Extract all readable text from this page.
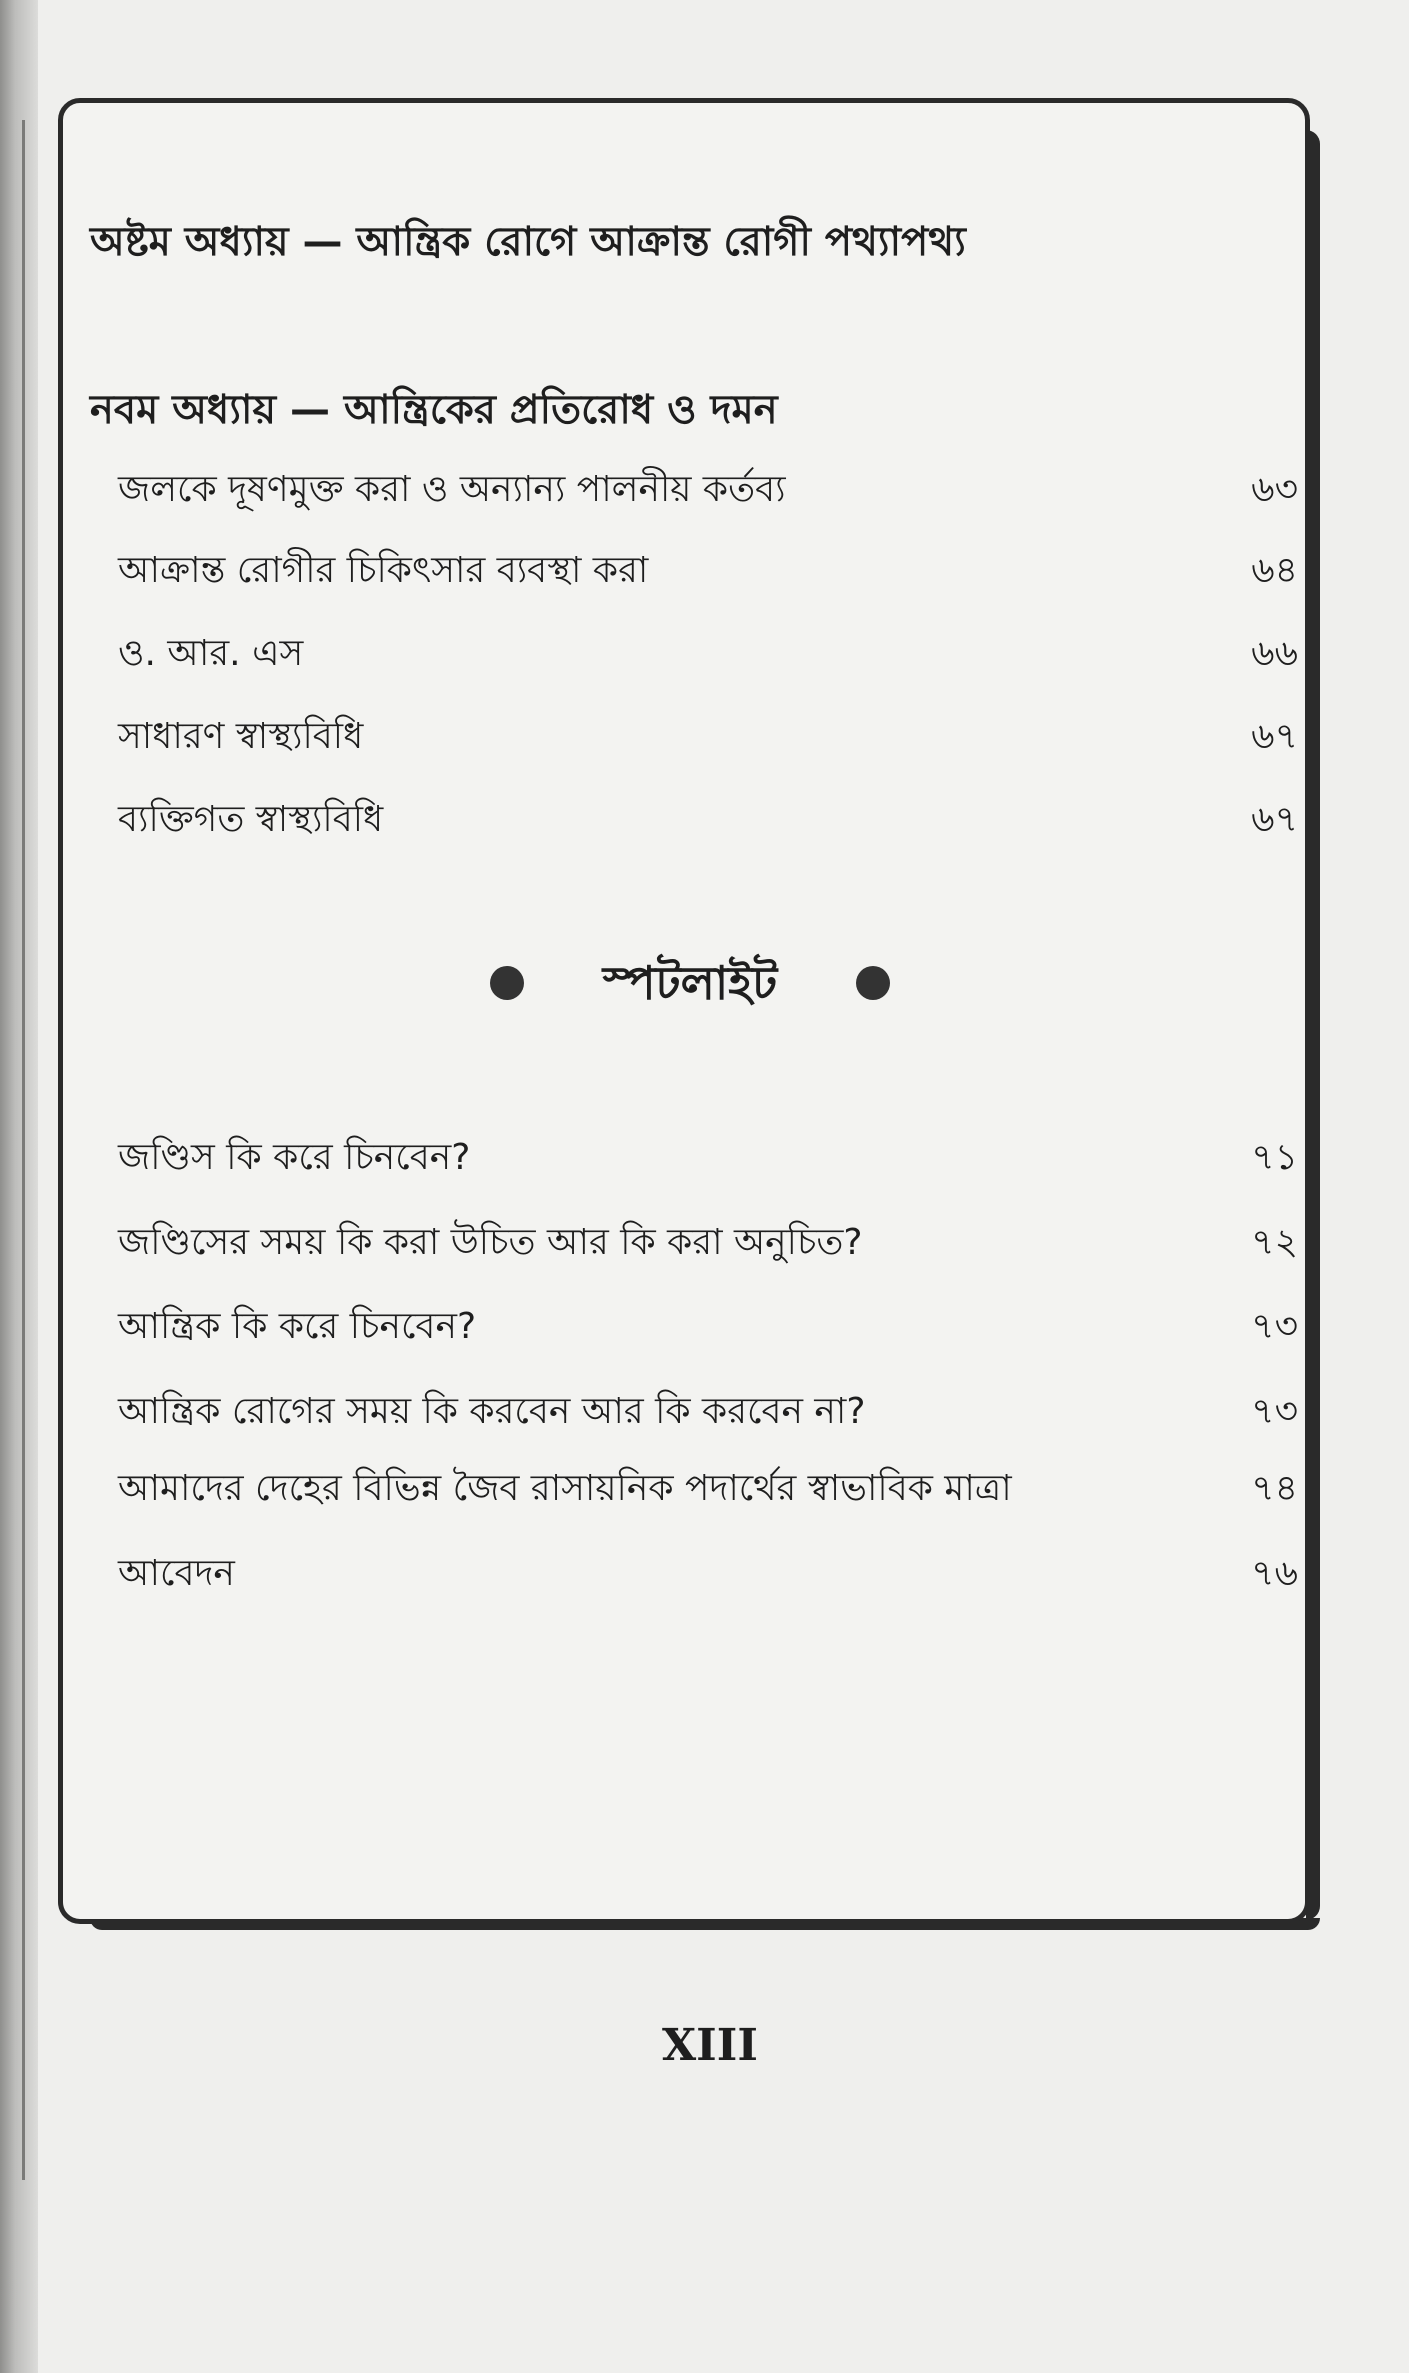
অষ্টম অধ্যায় — আন্ত্রিক রোগে আক্রান্ত রোগী পথ্যাপথ্য
নবম অধ্যায় — আন্ত্রিকের প্রতিরোধ ও দমন
জলকে দূষণমুক্ত করা ও অন্যান্য পালনীয় কর্তব্য	৬৩
আক্রান্ত রোগীর চিকিৎসার ব্যবস্থা করা	৬৪
ও. আর. এস	৬৬
সাধারণ স্বাস্থ্যবিধি	৬৭
ব্যক্তিগত স্বাস্থ্যবিধি	৬৭
স্পটলাইট
জণ্ডিস কি করে চিনবেন?	৭১
জণ্ডিসের সময় কি করা উচিত আর কি করা অনুচিত?	৭২
আন্ত্রিক কি করে চিনবেন?	৭৩
আন্ত্রিক রোগের সময় কি করবেন আর কি করবেন না?	৭৩
আমাদের দেহের বিভিন্ন জৈব রাসায়নিক পদার্থের স্বাভাবিক মাত্রা	৭৪
আবেদন	৭৬
XIII
